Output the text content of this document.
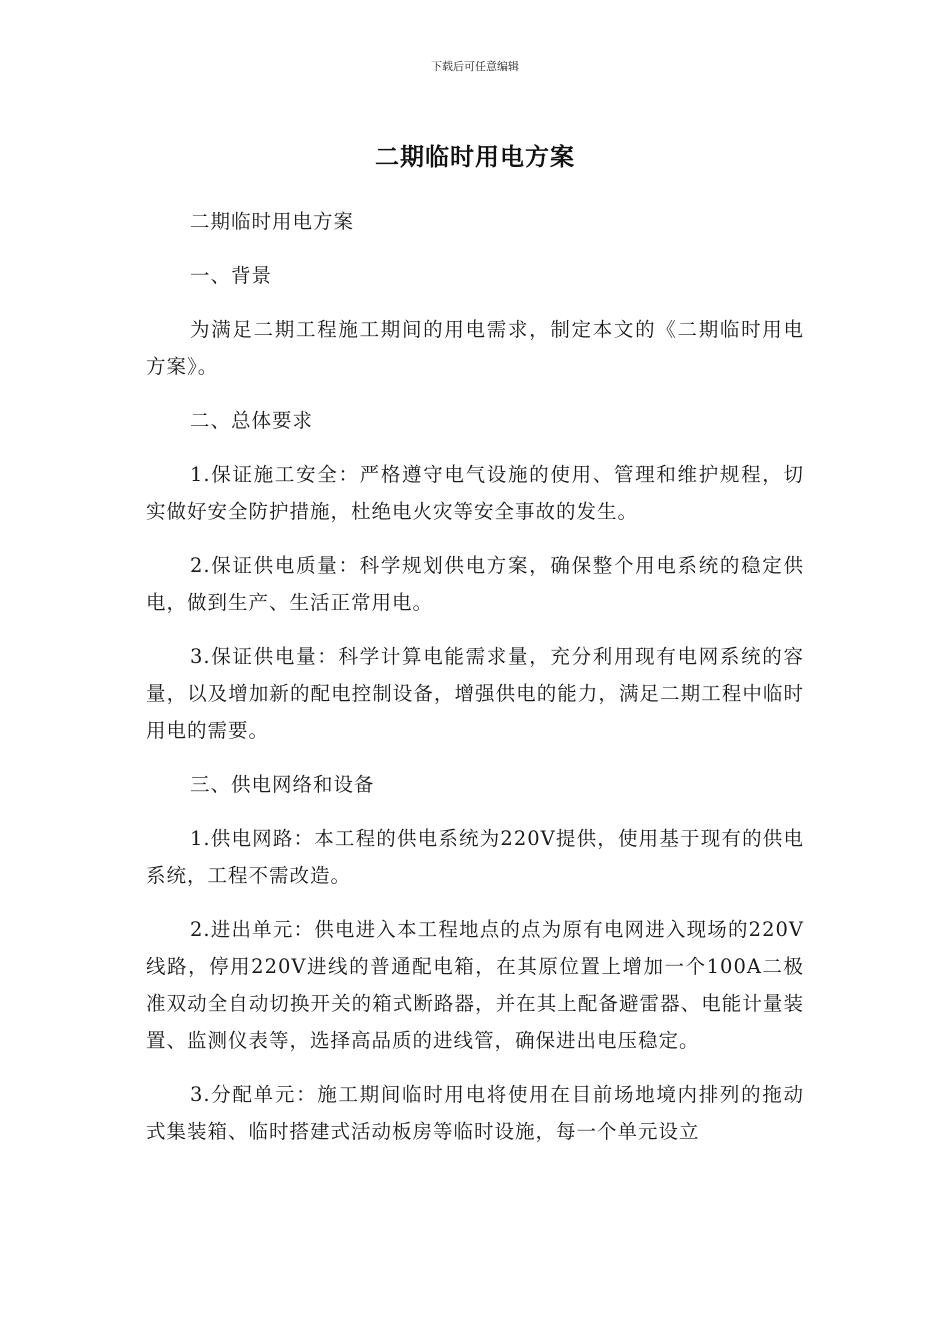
下载后可任意编辑
二期临时用电方案

二期临时用电方案

一、背景

为满足二期工程施工期间的用电需求，制定本文的《二期临时用电方案》。

二、总体要求

1.保证施工安全：严格遵守电气设施的使用、管理和维护规程，切实做好安全防护措施，杜绝电火灾等安全事故的发生。

2.保证供电质量：科学规划供电方案，确保整个用电系统的稳定供电，做到生产、生活正常用电。

3.保证供电量：科学计算电能需求量，充分利用现有电网系统的容量，以及增加新的配电控制设备，增强供电的能力，满足二期工程中临时用电的需要。

三、供电网络和设备

1.供电网路：本工程的供电系统为220V提供，使用基于现有的供电系统，工程不需改造。

2.进出单元：供电进入本工程地点的点为原有电网进入现场的220V线路，停用220V进线的普通配电箱，在其原位置上增加一个100A二极准双动全自动切换开关的箱式断路器，并在其上配备避雷器、电能计量装置、监测仪表等，选择高品质的进线管，确保进出电压稳定。

3.分配单元：施工期间临时用电将使用在目前场地境内排列的拖动式集装箱、临时搭建式活动板房等临时设施，每一个单元设立
